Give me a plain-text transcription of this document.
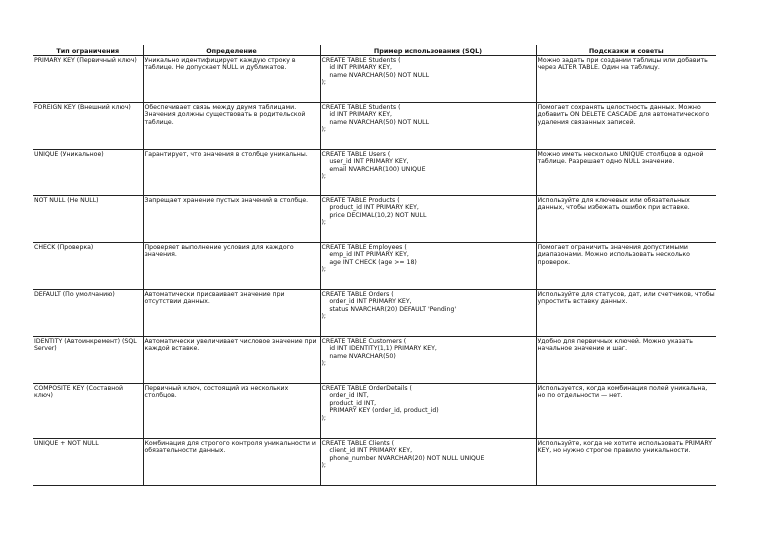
Тип ограничения	Определение	Пример использования (SQL)	Подсказки и советы
PRIMARY KEY (Первичный ключ)	Уникально идентифицирует каждую строку в таблице. Не допускает NULL и дубликатов.	CREATE TABLE Students (
id INT PRIMARY KEY,
name NVARCHAR(50) NOT NULL
);	Можно задать при создании таблицы или добавить через ALTER TABLE. Один на таблицу.
FOREIGN KEY (Внешний ключ)	Обеспечивает связь между двумя таблицами. Значения должны существовать в родительской таблице.	CREATE TABLE Students (
id INT PRIMARY KEY,
name NVARCHAR(50) NOT NULL
);	Помогает сохранять целостность данных. Можно добавить ON DELETE CASCADE для автоматического удаления связанных записей.
UNIQUE (Уникальное)	Гарантирует, что значения в столбце уникальны.	CREATE TABLE Users (
user_id INT PRIMARY KEY,
email NVARCHAR(100) UNIQUE
);	Можно иметь несколько UNIQUE столбцов в одной таблице. Разрешает одно NULL значение.
NOT NULL (Не NULL)	Запрещает хранение пустых значений в столбце.	CREATE TABLE Products (
product_id INT PRIMARY KEY,
price DECIMAL(10,2) NOT NULL
);	Используйте для ключевых или обязательных данных, чтобы избежать ошибок при вставке.
CHECK (Проверка)	Проверяет выполнение условия для каждого значения.	CREATE TABLE Employees (
emp_id INT PRIMARY KEY,
age INT CHECK (age >= 18)
);	Помогает ограничить значения допустимыми диапазонами. Можно использовать несколько проверок.
DEFAULT (По умолчанию)	Автоматически присваивает значение при отсутствии данных.	CREATE TABLE Orders (
order_id INT PRIMARY KEY,
status NVARCHAR(20) DEFAULT 'Pending'
);	Используйте для статусов, дат, или счетчиков, чтобы упростить вставку данных.
IDENTITY (Автоинкремент) (SQL Server)	Автоматически увеличивает числовое значение при каждой вставке.	CREATE TABLE Customers (
id INT IDENTITY(1,1) PRIMARY KEY,
name NVARCHAR(50)
);	Удобно для первичных ключей. Можно указать начальное значение и шаг.
COMPOSITE KEY (Составной ключ)	Первичный ключ, состоящий из нескольких столбцов.	CREATE TABLE OrderDetails (
order_id INT,
product_id INT,
PRIMARY KEY (order_id, product_id)
);	Используется, когда комбинация полей уникальна, но по отдельности — нет.
UNIQUE + NOT NULL	Комбинация для строгого контроля уникальности и обязательности данных.	CREATE TABLE Clients (
client_id INT PRIMARY KEY,
phone_number NVARCHAR(20) NOT NULL UNIQUE
);	Используйте, когда не хотите использовать PRIMARY KEY, но нужно строгое правило уникальности.
